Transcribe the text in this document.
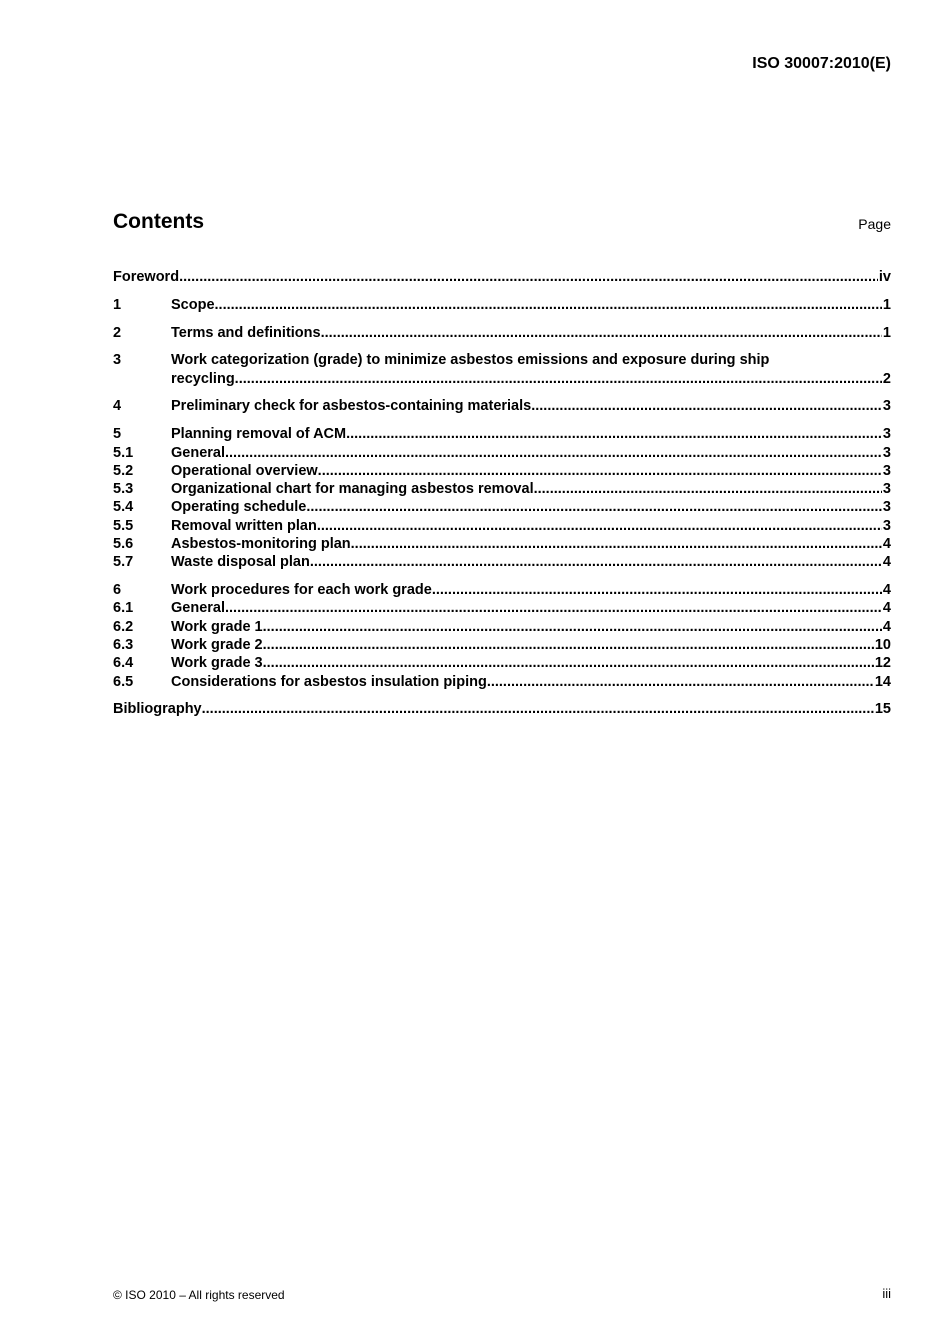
ISO 30007:2010(E)
Contents	Page
Foreword .....	iv
1	Scope .....	1
2	Terms and definitions .....	1
3	Work categorization (grade) to minimize asbestos emissions and exposure during ship
recycling .....	2
4	Preliminary check for asbestos-containing materials .....	3
5	Planning removal of ACM .....	3
5.1	General .....	3
5.2	Operational overview .....	3
5.3	Organizational chart for managing asbestos removal .....	3
5.4	Operating schedule .....	3
5.5	Removal written plan .....	3
5.6	Asbestos-monitoring plan .....	4
5.7	Waste disposal plan .....	4
6	Work procedures for each work grade .....	4
6.1	General .....	4
6.2	Work grade 1 .....	4
6.3	Work grade 2 .....	10
6.4	Work grade 3 .....	12
6.5	Considerations for asbestos insulation piping .....	14
Bibliography .....	15
© ISO 2010 – All rights reserved	iii
